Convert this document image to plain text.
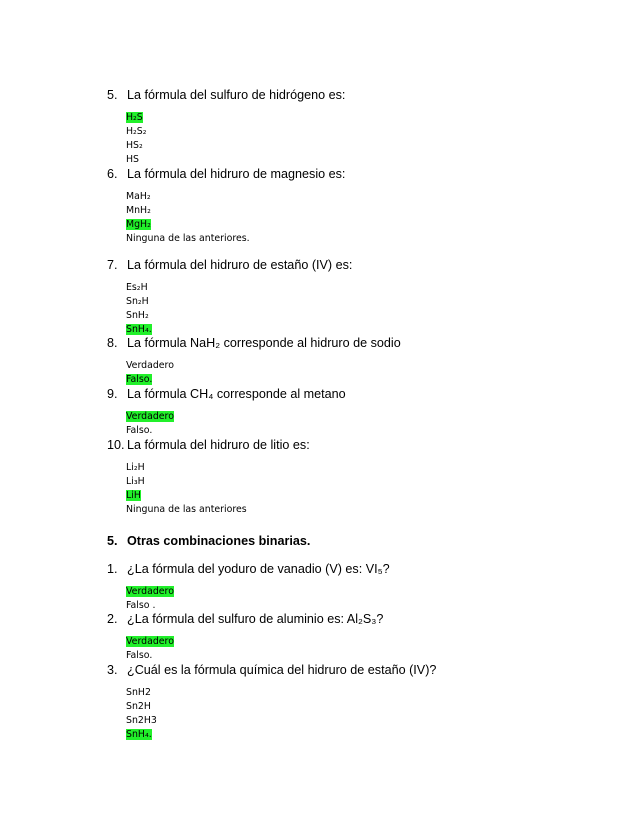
5. La fórmula del sulfuro de hidrógeno es:
H₂S
H₂S₂
HS₂
HS
6. La fórmula del hidruro de magnesio es:
MaH₂
MnH₂
MgH₂
Ninguna de las anteriores.
7. La fórmula del hidruro de estaño (IV) es:
Es₂H
Sn₂H
SnH₂
SnH₄.
8. La fórmula NaH₂ corresponde al hidruro de sodio
Verdadero
Falso.
9. La fórmula CH₄ corresponde al metano
Verdadero
Falso.
10. La fórmula del hidruro de litio es:
Li₂H
Li₃H
LiH
Ninguna de las anteriores
5. Otras combinaciones binarias.
1. ¿La fórmula del yoduro de vanadio (V) es: VI₅?
Verdadero
Falso .
2. ¿La fórmula del sulfuro de aluminio es: Al₂S₃?
Verdadero
Falso.
3. ¿Cuál es la fórmula química del hidruro de estaño (IV)?
SnH2
Sn2H
Sn2H3
SnH₄.
